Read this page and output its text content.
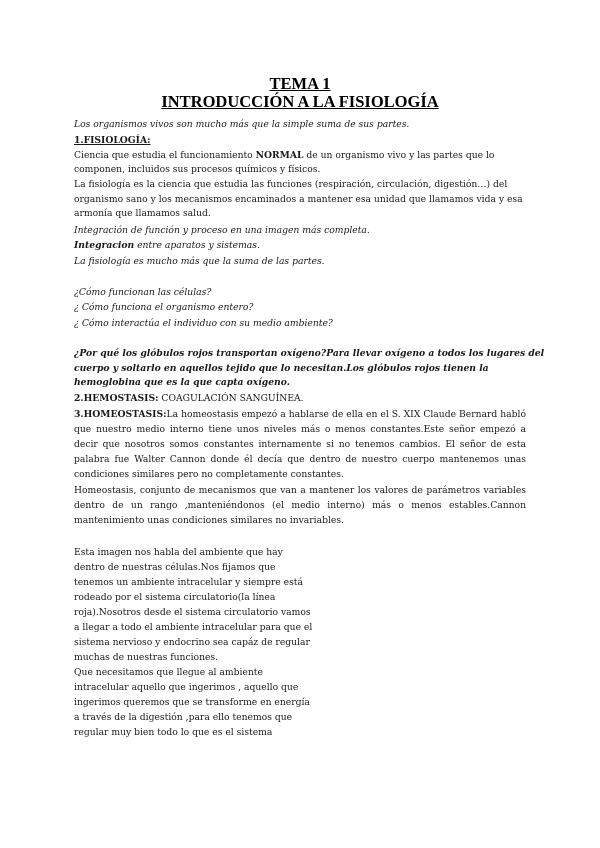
TEMA 1
INTRODUCCIÓN A LA FISIOLOGÍA
Los organismos vivos son mucho más que la simple suma de sus partes.
1.FISIOLOGÍA:
Ciencia que estudia el funcionamiento NORMAL de un organismo vivo y las partes que lo
componen, incluidos sus procesos químicos y físicos.
La fisiología es la ciencia que estudia las funciones (respiración, circulación, digestión…) del
organismo sano y los mecanismos encaminados a mantener esa unidad que llamamos vida y esa
armonía que llamamos salud.
Integración de función y proceso en una imagen más completa.
Integracion entre aparatos y sistemas.
La fisiología es mucho más que la suma de las partes.
¿Cómo funcionan las células?
¿ Cómo funciona el organismo entero?
¿ Cómo interactúa el individuo con su medio ambiente?
¿Por qué los glóbulos rojos transportan oxígeno?Para llevar oxígeno a todos los lugares del
cuerpo y soltarlo en aquellos tejido que lo necesitan.Los glóbulos rojos tienen la
hemoglobina que es la que capta oxígeno.
2.HEMOSTASIS: COAGULACIÓN SANGUÍNEA.
3.HOMEOSTASIS:La homeostasis empezó a hablarse de ella en el S. XIX Claude Bernard habló
que nuestro medio interno tiene unos niveles más o menos constantes.Este señor empezó a
decir que nosotros somos constantes internamente si no tenemos cambios. El señor de esta
palabra fue Walter Cannon donde él decía que dentro de nuestro cuerpo mantenemos unas
condiciones similares pero no completamente constantes.
Homeostasis, conjunto de mecanismos que van a mantener los valores de parámetros variables
dentro de un rango ,manteniéndonos (el medio interno) más o menos estables.Cannon
mantenimiento unas condiciones similares no invariables.
Esta imagen nos habla del ambiente que hay
dentro de nuestras células.Nos fijamos que
tenemos un ambiente intracelular y siempre está
rodeado por el sistema circulatorio(la línea
roja).Nosotros desde el sistema circulatorio vamos
a llegar a todo el ambiente intracelular para que el
sistema nervioso y endocrino sea capáz de regular
muchas de nuestras funciones.
Que necesitamos que llegue al ambiente
intracelular aquello que ingerimos , aquello que
ingerimos queremos que se transforme en energía
a través de la digestión ,para ello tenemos que
regular muy bien todo lo que es el sistema
